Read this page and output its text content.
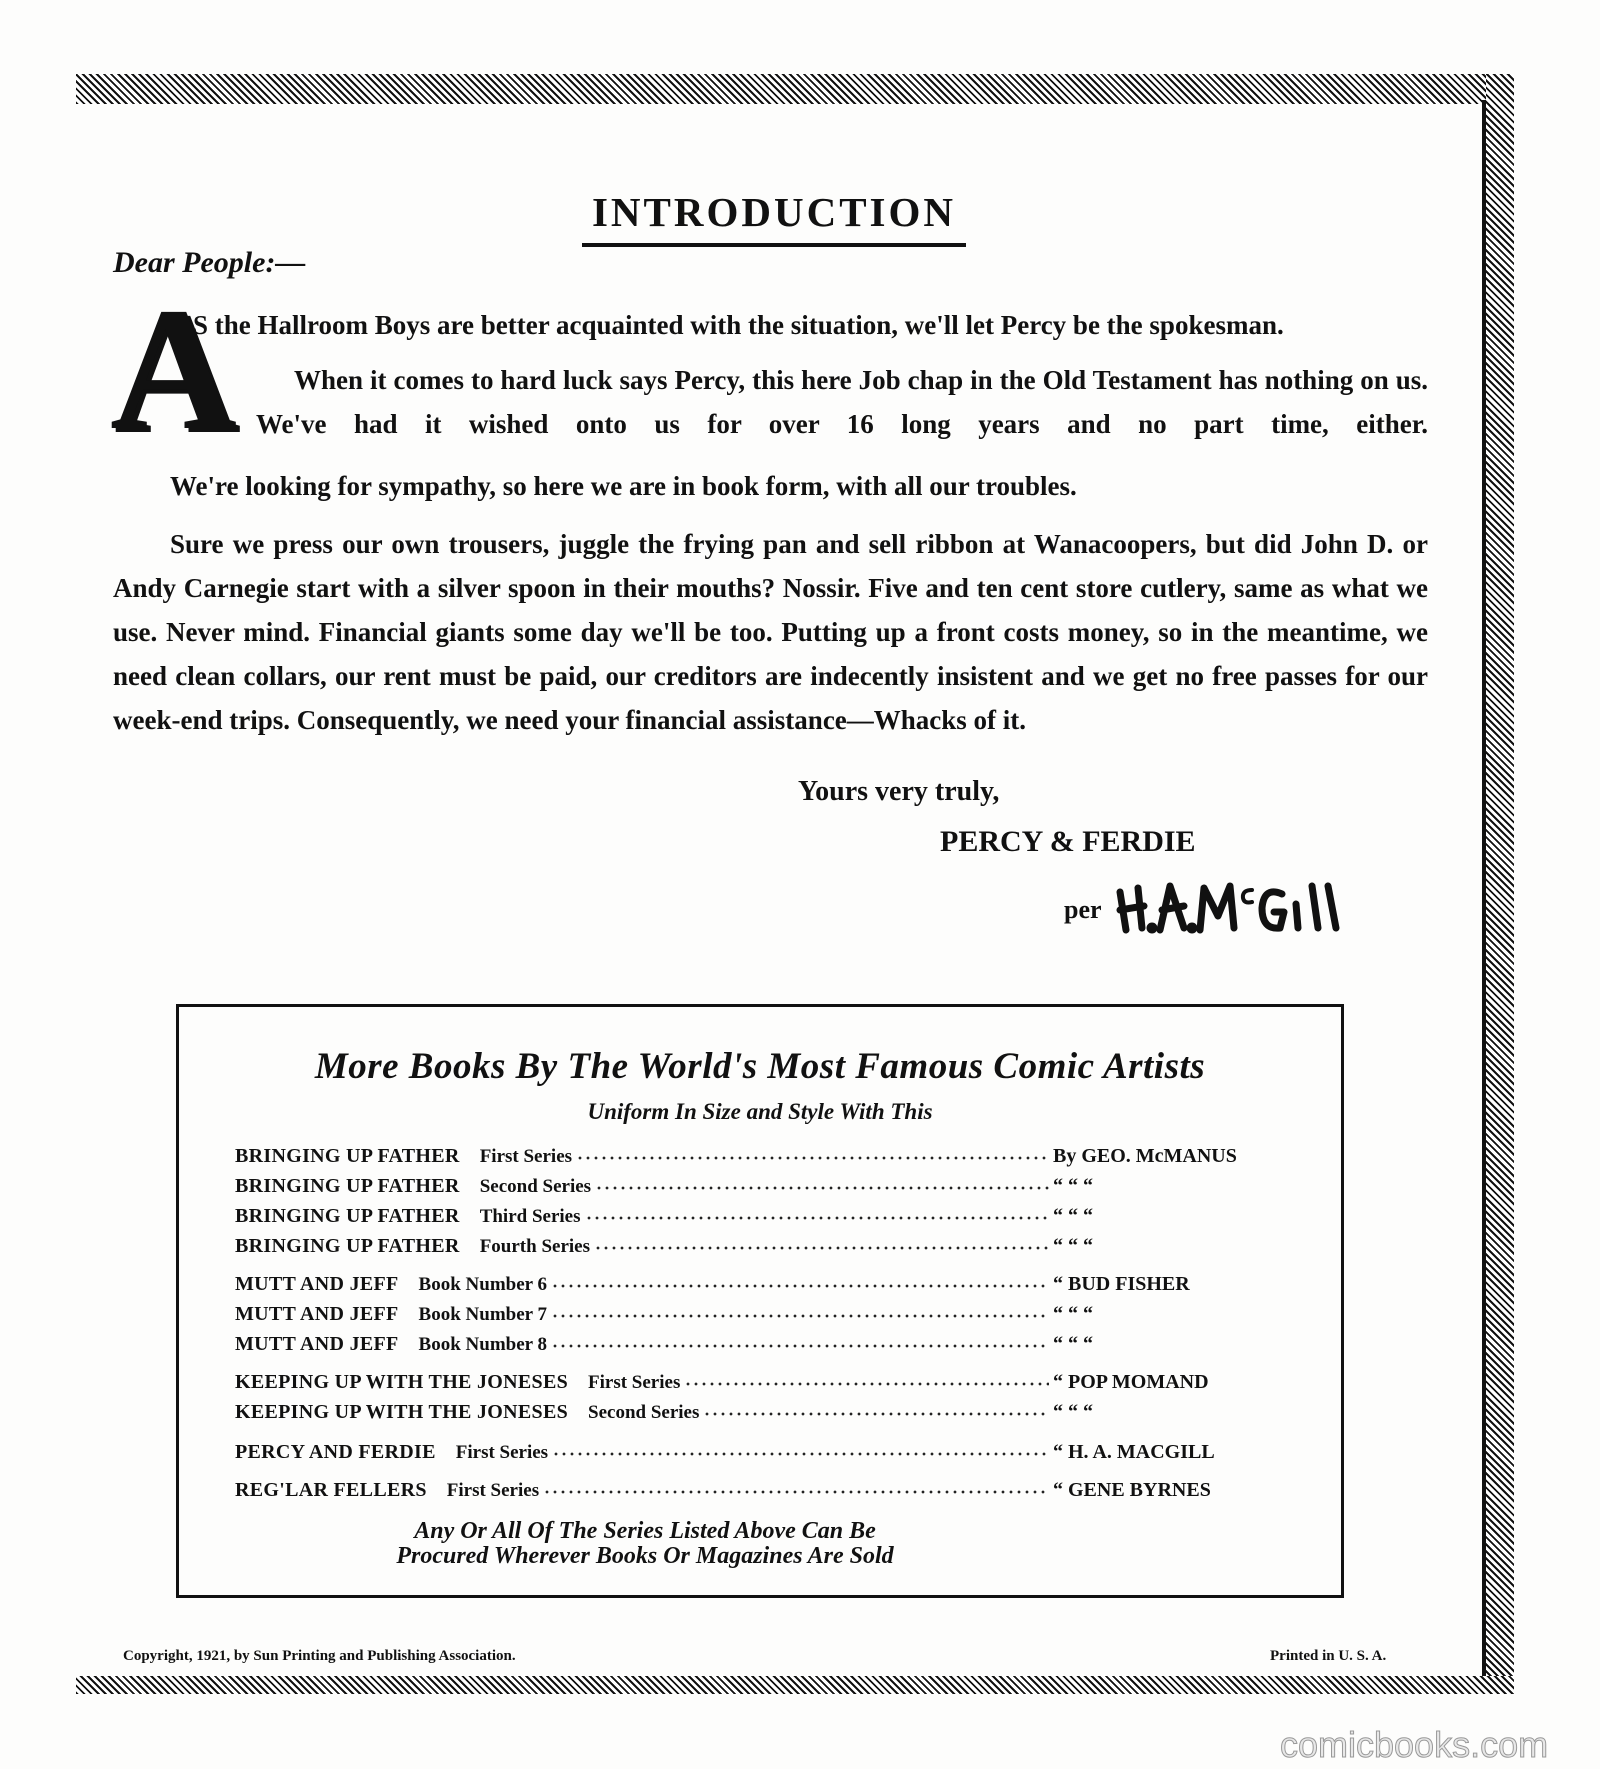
INTRODUCTION
Dear People:—
A
S the Hallroom Boys are better acquainted with the situation, we'll let Percy be the spokesman.
When it comes to hard luck says Percy, this here Job chap in the Old Testament has nothing on us. We've had it wished onto us for over 16 long years and no part time, either.
We're looking for sympathy, so here we are in book form, with all our troubles.
Sure we press our own trousers, juggle the frying pan and sell ribbon at Wanacoopers, but did John D. or Andy Carnegie start with a silver spoon in their mouths? Nossir. Five and ten cent store cutlery, same as what we use. Never mind. Financial giants some day we'll be too. Putting up a front costs money, so in the meantime, we need clean collars, our rent must be paid, our creditors are indecently insistent and we get no free passes for our week-end trips. Consequently, we need your financial assistance—Whacks of it.
Yours very truly,
PERCY & FERDIE
per
More Books By The World's Most Famous Comic Artists
Uniform In Size and Style With This
BRINGING UP FATHER First Series	By GEO. McMANUS
BRINGING UP FATHER Second Series	“ “ “
BRINGING UP FATHER Third Series	“ “ “
BRINGING UP FATHER Fourth Series	“ “ “
MUTT AND JEFF Book Number 6	“ BUD FISHER
MUTT AND JEFF Book Number 7	“ “ “
MUTT AND JEFF Book Number 8	“ “ “
KEEPING UP WITH THE JONESES First Series	“ POP MOMAND
KEEPING UP WITH THE JONESES Second Series	“ “ “
PERCY AND FERDIE First Series	“ H. A. MACGILL
REG'LAR FELLERS First Series	“ GENE BYRNES
Any Or All Of The Series Listed Above Can Be
Procured Wherever Books Or Magazines Are Sold
Copyright, 1921, by Sun Printing and Publishing Association.	Printed in U. S. A.
comicbooks.com
